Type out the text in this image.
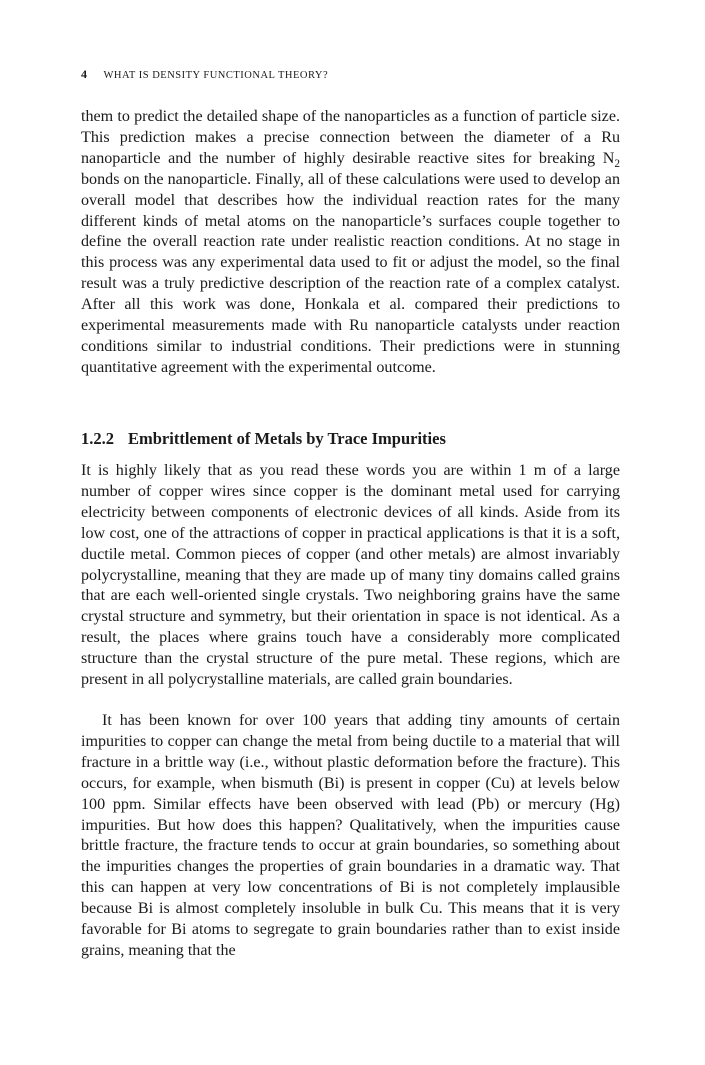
4 WHAT IS DENSITY FUNCTIONAL THEORY?

them to predict the detailed shape of the nanoparticles as a function of particle size. This prediction makes a precise connection between the diameter of a Ru nanoparticle and the number of highly desirable reactive sites for breaking $N_2$ bonds on the nanoparticle. Finally, all of these calculations were used to develop an overall model that describes how the individual reaction rates for the many different kinds of metal atoms on the nanoparticle’s surfaces couple together to define the overall reaction rate under realistic reaction conditions. At no stage in this process was any experimental data used to fit or adjust the model, so the final result was a truly predictive description of the reaction rate of a complex catalyst. After all this work was done, Honkala et al. compared their predictions to experimental measurements made with Ru nanoparticle catalysts under reaction conditions similar to industrial conditions. Their predictions were in stunning quantitative agreement with the experimental outcome.

1.2.2 Embrittlement of Metals by Trace Impurities

It is highly likely that as you read these words you are within 1 m of a large number of copper wires since copper is the dominant metal used for carrying electricity between components of electronic devices of all kinds. Aside from its low cost, one of the attractions of copper in practical applications is that it is a soft, ductile metal. Common pieces of copper (and other metals) are almost invariably polycrystalline, meaning that they are made up of many tiny domains called grains that are each well-oriented single crystals. Two neighboring grains have the same crystal structure and symmetry, but their orientation in space is not identical. As a result, the places where grains touch have a considerably more complicated structure than the crystal structure of the pure metal. These regions, which are present in all polycrystalline materials, are called grain boundaries.

It has been known for over 100 years that adding tiny amounts of certain impurities to copper can change the metal from being ductile to a material that will fracture in a brittle way (i.e., without plastic deformation before the fracture). This occurs, for example, when bismuth (Bi) is present in copper (Cu) at levels below 100 ppm. Similar effects have been observed with lead (Pb) or mercury (Hg) impurities. But how does this happen? Qualitatively, when the impurities cause brittle fracture, the fracture tends to occur at grain boundaries, so something about the impurities changes the properties of grain boundaries in a dramatic way. That this can happen at very low concentrations of Bi is not completely implausible because Bi is almost completely insoluble in bulk Cu. This means that it is very favorable for Bi atoms to segregate to grain boundaries rather than to exist inside grains, meaning that the
